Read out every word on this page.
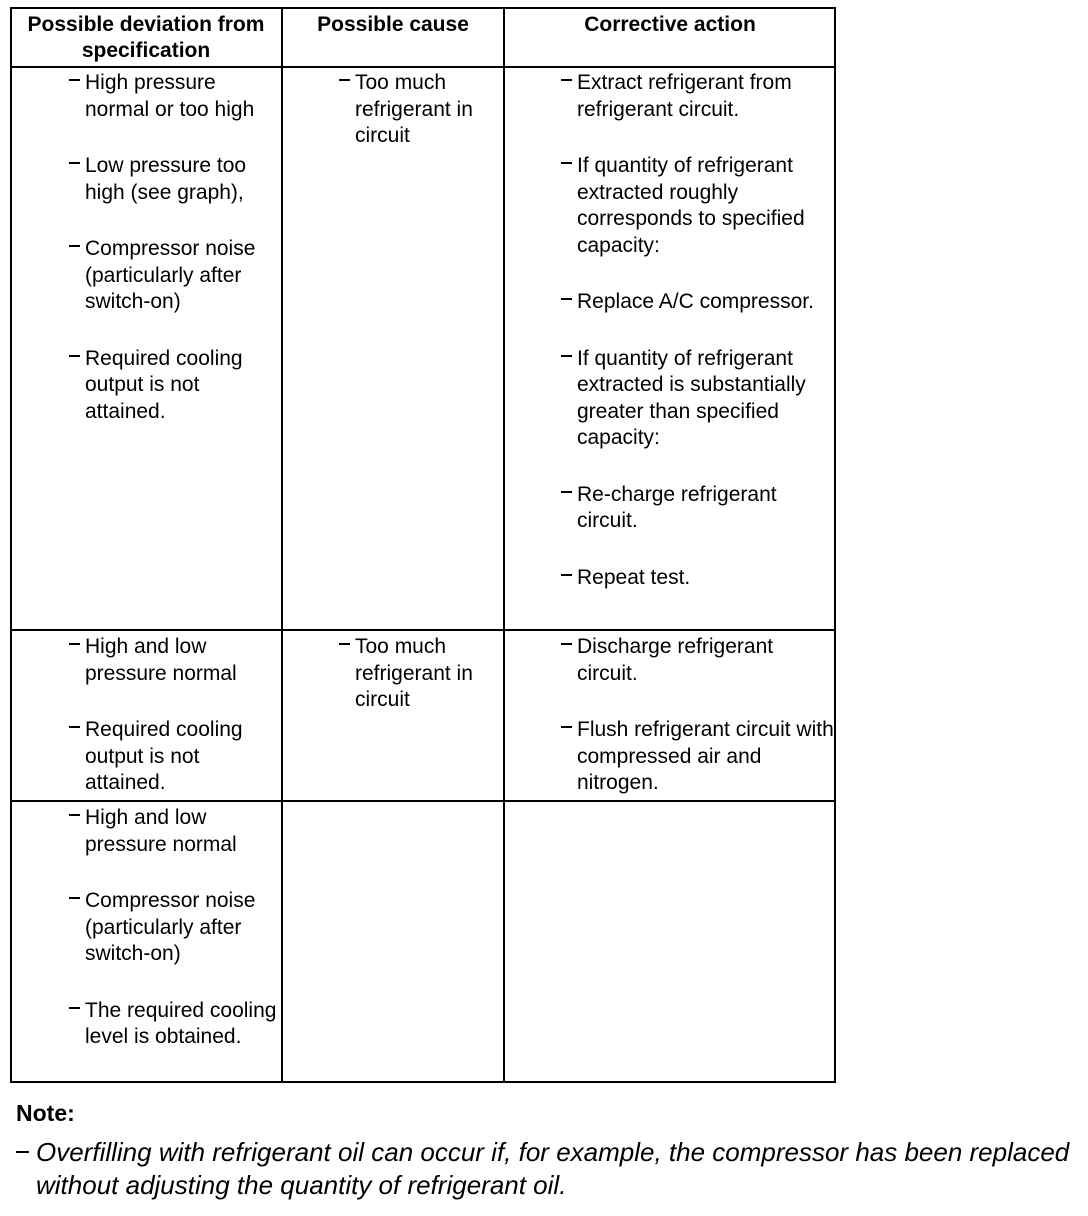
Possible deviation from specification
Possible cause	Corrective action
High pressure normal or too high
Low pressure too high (see graph),
Compressor noise (particularly after switch-on)
Required cooling output is not attained.
Too much refrigerant in circuit
Extract refrigerant from refrigerant circuit.
If quantity of refrigerant extracted roughly corresponds to specified capacity:
Replace A/C compressor.
If quantity of refrigerant extracted is substantially greater than specified capacity:
Re-charge refrigerant circuit.
Repeat test.
High and low pressure normal
Required cooling output is not attained.
Too much refrigerant in circuit
Discharge refrigerant circuit.
Flush refrigerant circuit with compressed air and nitrogen.
High and low pressure normal
Compressor noise (particularly after switch-on)
The required cooling level is obtained.
Note:
Overfilling with refrigerant oil can occur if, for example, the compressor has been replaced without adjusting the quantity of refrigerant oil.
